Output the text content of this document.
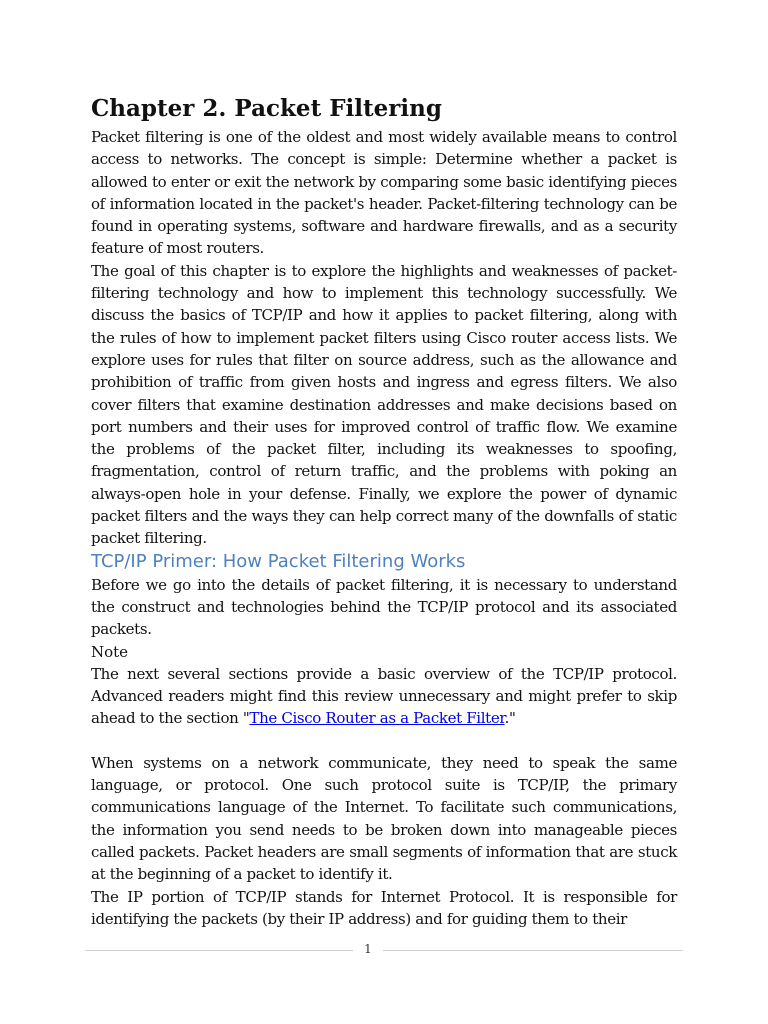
Chapter 2. Packet Filtering

Packet filtering is one of the oldest and most widely available means to control access to networks. The concept is simple: Determine whether a packet is allowed to enter or exit the network by comparing some basic identifying pieces of information located in the packet's header. Packet-filtering technology can be found in operating systems, software and hardware firewalls, and as a security feature of most routers.

The goal of this chapter is to explore the highlights and weaknesses of packet-filtering technology and how to implement this technology successfully. We discuss the basics of TCP/IP and how it applies to packet filtering, along with the rules of how to implement packet filters using Cisco router access lists. We explore uses for rules that filter on source address, such as the allowance and prohibition of traffic from given hosts and ingress and egress filters. We also cover filters that examine destination addresses and make decisions based on port numbers and their uses for improved control of traffic flow. We examine the problems of the packet filter, including its weaknesses to spoofing, fragmentation, control of return traffic, and the problems with poking an always-open hole in your defense. Finally, we explore the power of dynamic packet filters and the ways they can help correct many of the downfalls of static packet filtering.

TCP/IP Primer: How Packet Filtering Works

Before we go into the details of packet filtering, it is necessary to understand the construct and technologies behind the TCP/IP protocol and its associated packets.

Note

The next several sections provide a basic overview of the TCP/IP protocol. Advanced readers might find this review unnecessary and might prefer to skip ahead to the section "The Cisco Router as a Packet Filter."

When systems on a network communicate, they need to speak the same language, or protocol. One such protocol suite is TCP/IP, the primary communications language of the Internet. To facilitate such communications, the information you send needs to be broken down into manageable pieces called packets. Packet headers are small segments of information that are stuck at the beginning of a packet to identify it.

The IP portion of TCP/IP stands for Internet Protocol. It is responsible for identifying the packets (by their IP address) and for guiding them to their

1
